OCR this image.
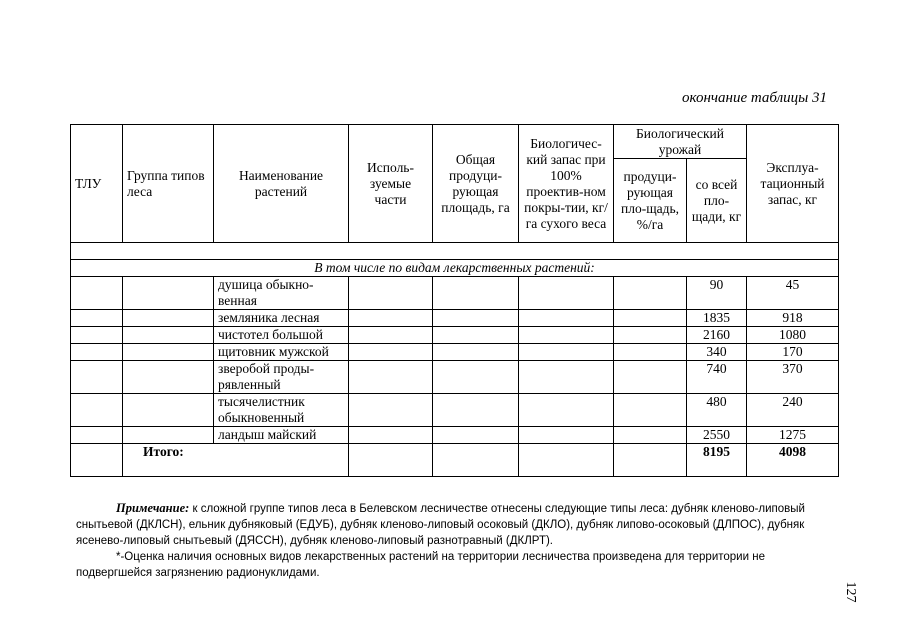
окончание таблицы 31
ТЛУ	Группа типов леса	Наименование растений	Исполь-зуемые части	Общая продуци-рующая площадь, га	Биологичес-кий запас при 100% проектив-ном покры-тии, кг/га сухого веса	Биологический урожай		Эксплуа-тационный запас, кг
						продуци-рующая пло-щадь, %/га	со всей пло-щади, кг	

В том числе по видам лекарственных растений:								
		душица обыкно-венная					90	45
		земляника лесная					1835	918
		чистотел большой					2160	1080
		щитовник мужской					340	170
		зверобой проды-рявленный					740	370
		тысячелистник обыкновенный					480	240
		ландыш майский					2550	1275
	Итого:						8195	4098

Примечание: к сложной группе типов леса в Белевском лесничестве отнесены следующие типы леса: дубняк кленово-липовый снытьевой (ДКЛСН), ельник дубняковый (ЕДУБ), дубняк кленово-липовый осоковый (ДКЛО), дубняк липово-осоковый (ДЛПОС), дубняк ясенево-липовый снытьевый (ДЯССН), дубняк кленово-липовый разнотравный (ДКЛРТ).

*-Оценка наличия основных видов лекарственных растений на территории лесничества произведена для территории не подвергшейся загрязнению радионуклидами.

127
